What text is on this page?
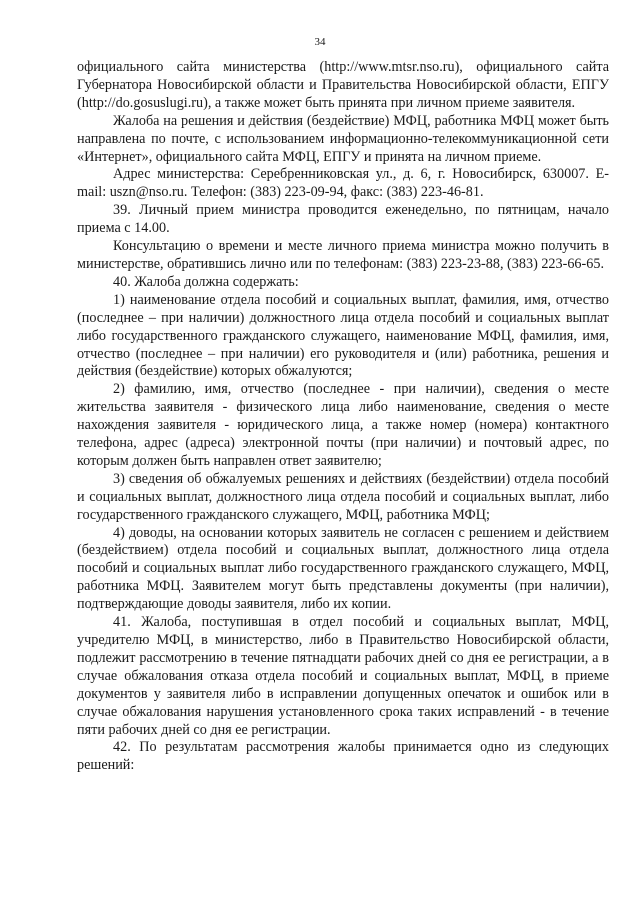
34

официального сайта министерства (http://www.mtsr.nso.ru), официального сайта Губернатора Новосибирской области и Правительства Новосибирской области, ЕПГУ (http://do.gosuslugi.ru), а также может быть принята при личном приеме заявителя.

Жалоба на решения и действия (бездействие) МФЦ, работника МФЦ может быть направлена по почте, с использованием информационно-телекоммуникационной сети «Интернет», официального сайта МФЦ, ЕПГУ и принята на личном приеме.

Адрес министерства: Серебренниковская ул., д. 6, г. Новосибирск, 630007. E-mail: uszn@nso.ru. Телефон: (383) 223-09-94, факс: (383) 223-46-81.

39. Личный прием министра проводится еженедельно, по пятницам, начало приема с 14.00.

Консультацию о времени и месте личного приема министра можно получить в министерстве, обратившись лично или по телефонам: (383) 223-23-88, (383) 223-66-65.

40. Жалоба должна содержать:

1) наименование отдела пособий и социальных выплат, фамилия, имя, отчество (последнее – при наличии) должностного лица отдела пособий и социальных выплат либо государственного гражданского служащего, наименование МФЦ, фамилия, имя, отчество (последнее – при наличии) его руководителя и (или) работника, решения и действия (бездействие) которых обжалуются;

2) фамилию, имя, отчество (последнее - при наличии), сведения о месте жительства заявителя - физического лица либо наименование, сведения о месте нахождения заявителя - юридического лица, а также номер (номера) контактного телефона, адрес (адреса) электронной почты (при наличии) и почтовый адрес, по которым должен быть направлен ответ заявителю;

3) сведения об обжалуемых решениях и действиях (бездействии) отдела пособий и социальных выплат, должностного лица отдела пособий и социальных выплат, либо государственного гражданского служащего, МФЦ, работника МФЦ;

4) доводы, на основании которых заявитель не согласен с решением и действием (бездействием) отдела пособий и социальных выплат, должностного лица отдела пособий и социальных выплат либо государственного гражданского служащего, МФЦ, работника МФЦ. Заявителем могут быть представлены документы (при наличии), подтверждающие доводы заявителя, либо их копии.

41. Жалоба, поступившая в отдел пособий и социальных выплат, МФЦ, учредителю МФЦ, в министерство, либо в Правительство Новосибирской области, подлежит рассмотрению в течение пятнадцати рабочих дней со дня ее регистрации, а в случае обжалования отказа отдела пособий и социальных выплат, МФЦ, в приеме документов у заявителя либо в исправлении допущенных опечаток и ошибок или в случае обжалования нарушения установленного срока таких исправлений - в течение пяти рабочих дней со дня ее регистрации.

42. По результатам рассмотрения жалобы принимается одно из следующих решений:
